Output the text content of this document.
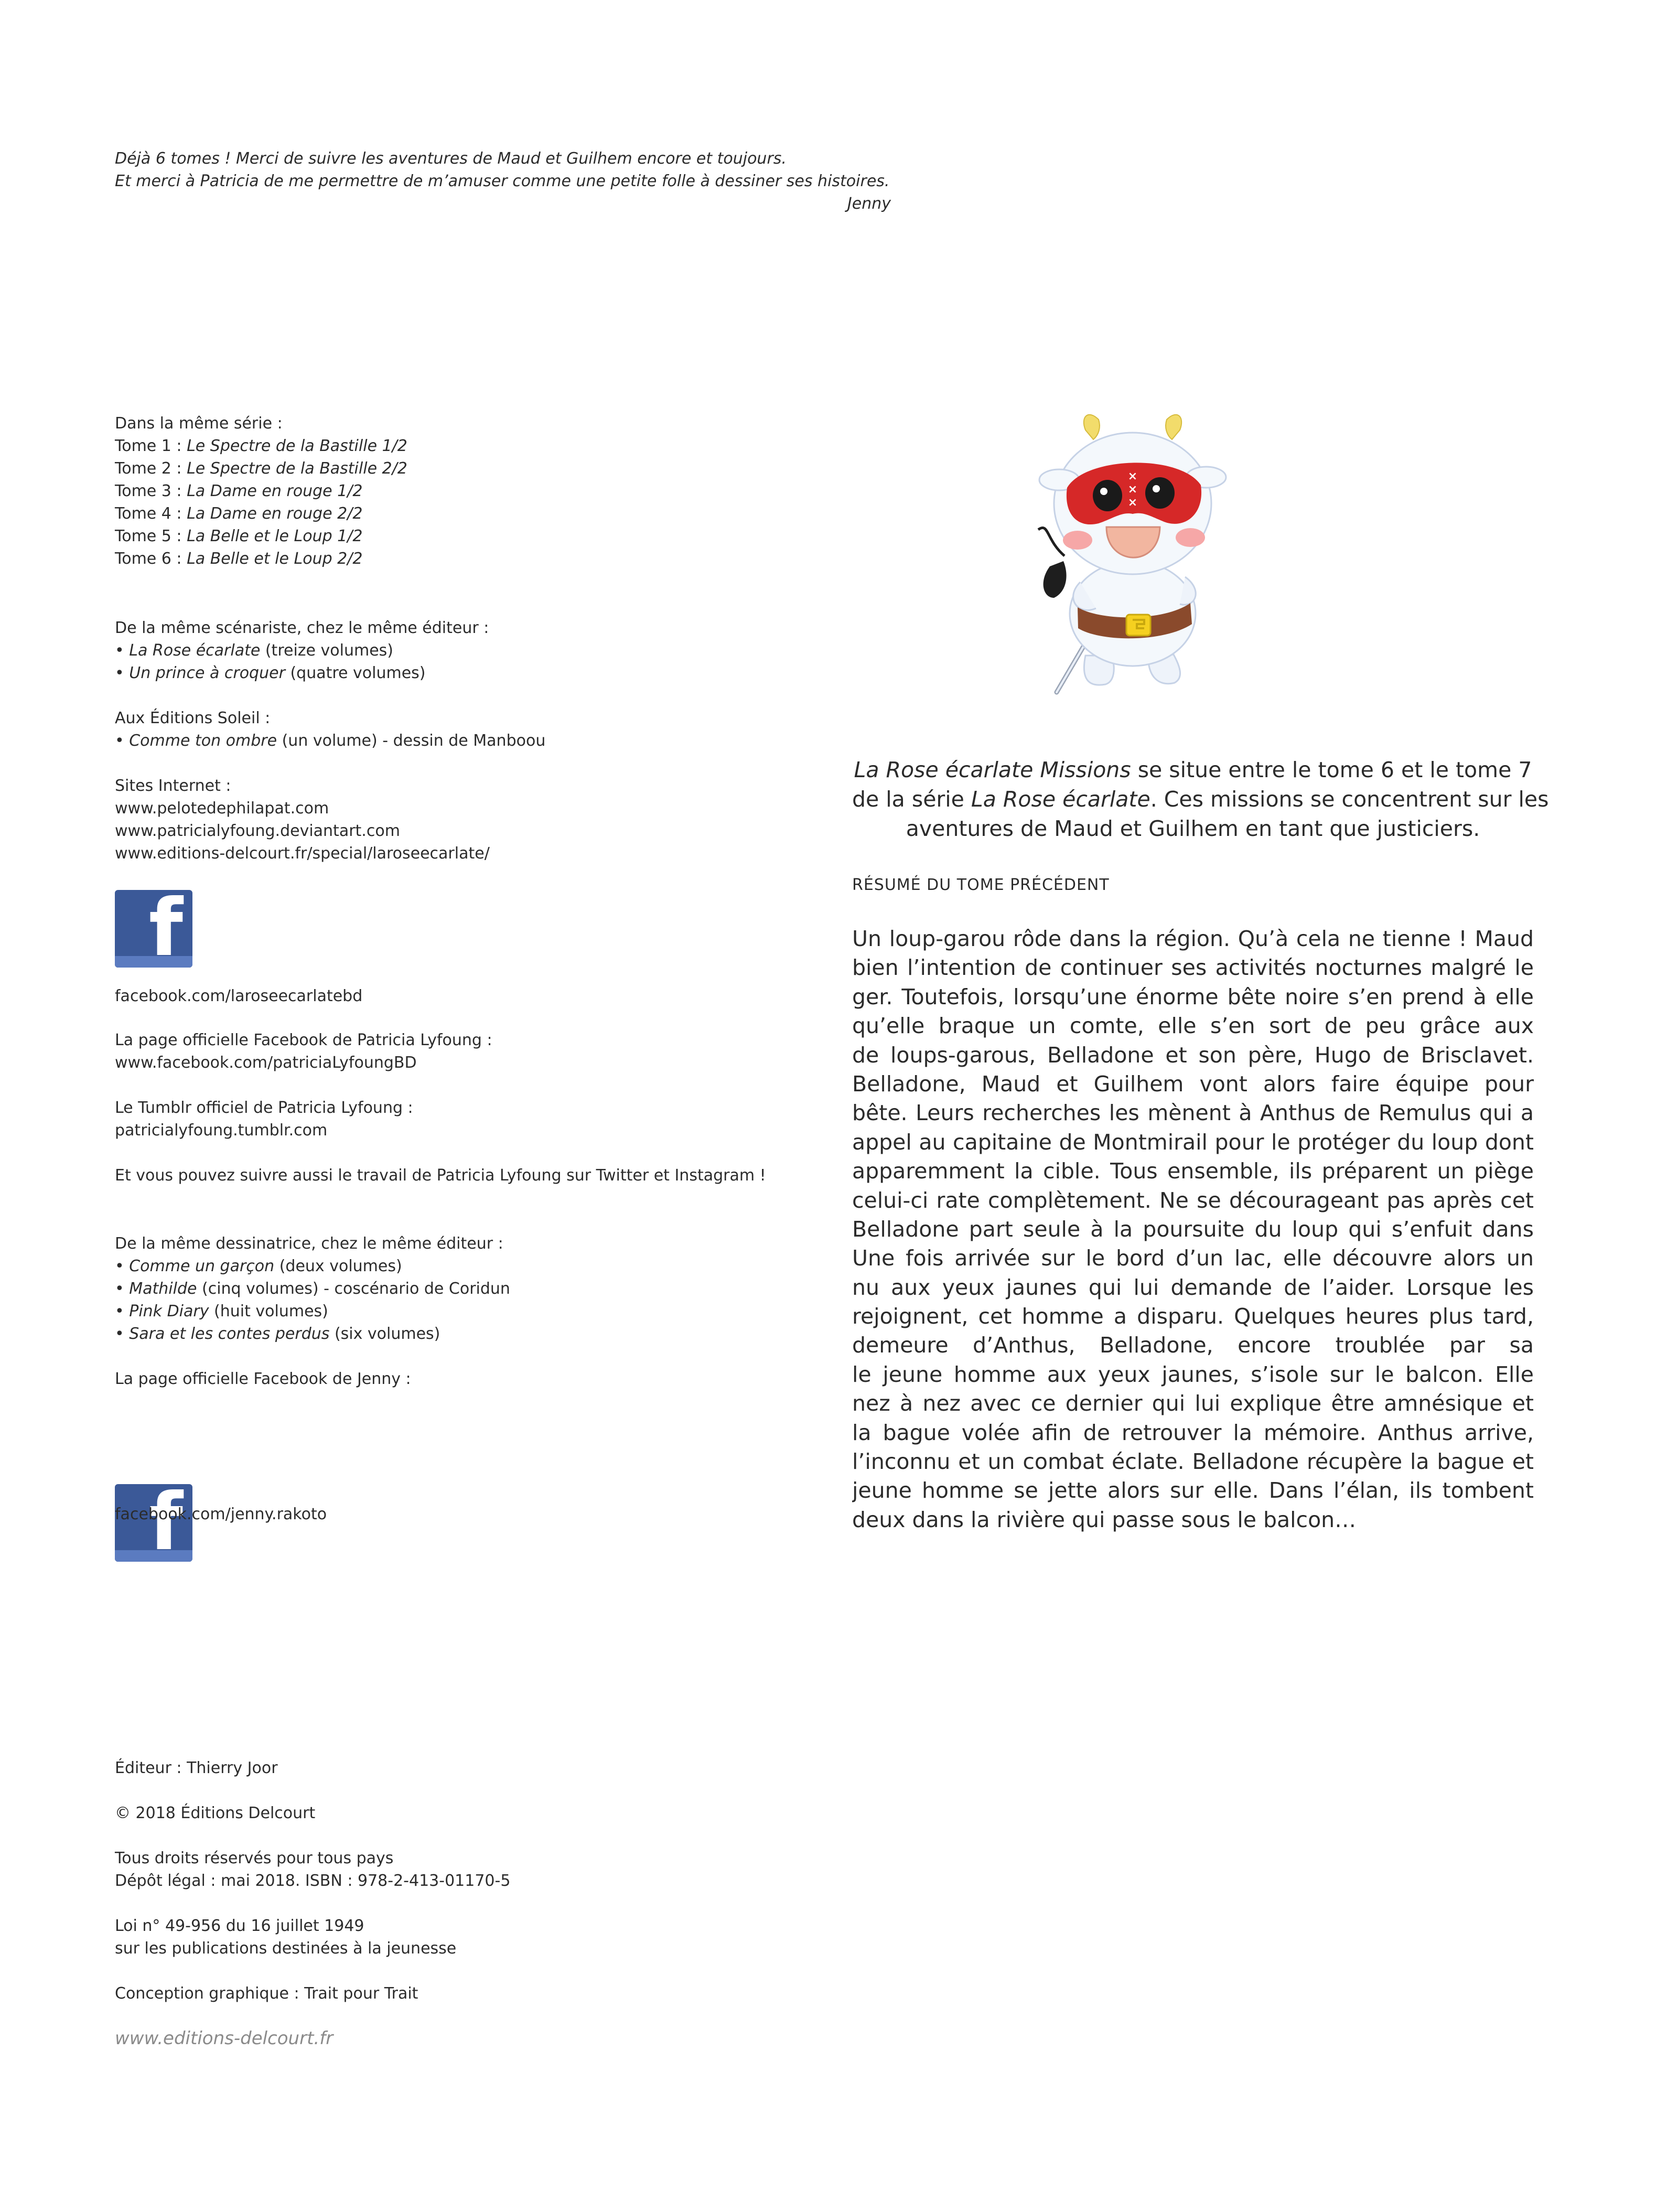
Déjà 6 tomes ! Merci de suivre les aventures de Maud et Guilhem encore et toujours.
Et merci à Patricia de me permettre de m’amuser comme une petite folle à dessiner ses histoires.
Jenny
Dans la même série :
Tome 1 : Le Spectre de la Bastille 1/2
Tome 2 : Le Spectre de la Bastille 2/2
Tome 3 : La Dame en rouge 1/2
Tome 4 : La Dame en rouge 2/2
Tome 5 : La Belle et le Loup 1/2
Tome 6 : La Belle et le Loup 2/2
De la même scénariste, chez le même éditeur :
• La Rose écarlate (treize volumes)
• Un prince à croquer (quatre volumes)
Aux Éditions Soleil :
• Comme ton ombre (un volume) - dessin de Manboou
Sites Internet :
www.pelotedephilapat.com
www.patricialyfoung.deviantart.com
www.editions-delcourt.fr/special/laroseecarlate/
f
facebook.com/laroseecarlatebd
La page officielle Facebook de Patricia Lyfoung :
www.facebook.com/patriciaLyfoungBD
Le Tumblr officiel de Patricia Lyfoung :
patricialyfoung.tumblr.com
Et vous pouvez suivre aussi le travail de Patricia Lyfoung sur Twitter et Instagram !
De la même dessinatrice, chez le même éditeur :
• Comme un garçon (deux volumes)
• Mathilde (cinq volumes) - coscénario de Coridun
• Pink Diary (huit volumes)
• Sara et les contes perdus (six volumes)
La page officielle Facebook de Jenny :
f
facebook.com/jenny.rakoto
Éditeur : Thierry Joor
© 2018 Éditions Delcourt
Tous droits réservés pour tous pays
Dépôt légal : mai 2018. ISBN : 978-2-413-01170-5
Loi n° 49-956 du 16 juillet 1949
sur les publications destinées à la jeunesse
Conception graphique : Trait pour Trait
www.editions-delcourt.fr
×
×
×
La Rose écarlate Missions se situe entre le tome 6 et le tome 7
de la série La Rose écarlate. Ces missions se concentrent sur les
aventures de Maud et Guilhem en tant que justiciers.
RÉSUMÉ DU TOME PRÉCÉDENT
Un loup-garou rôde dans la région. Qu’à cela ne tienne ! Maud
bien l’intention de continuer ses activités nocturnes malgré le
ger. Toutefois, lorsqu’une énorme bête noire s’en prend à elle
qu’elle braque un comte, elle s’en sort de peu grâce aux
de loups-garous, Belladone et son père, Hugo de Brisclavet.
Belladone, Maud et Guilhem vont alors faire équipe pour
bête. Leurs recherches les mènent à Anthus de Remulus qui a
appel au capitaine de Montmirail pour le protéger du loup dont
apparemment la cible. Tous ensemble, ils préparent un piège
celui-ci rate complètement. Ne se décourageant pas après cet
Belladone part seule à la poursuite du loup qui s’enfuit dans
Une fois arrivée sur le bord d’un lac, elle découvre alors un
nu aux yeux jaunes qui lui demande de l’aider. Lorsque les
rejoignent, cet homme a disparu. Quelques heures plus tard,
demeure d’Anthus, Belladone, encore troublée par sa
le jeune homme aux yeux jaunes, s’isole sur le balcon. Elle
nez à nez avec ce dernier qui lui explique être amnésique et
la bague volée afin de retrouver la mémoire. Anthus arrive,
l’inconnu et un combat éclate. Belladone récupère la bague et
jeune homme se jette alors sur elle. Dans l’élan, ils tombent
deux dans la rivière qui passe sous le balcon…
